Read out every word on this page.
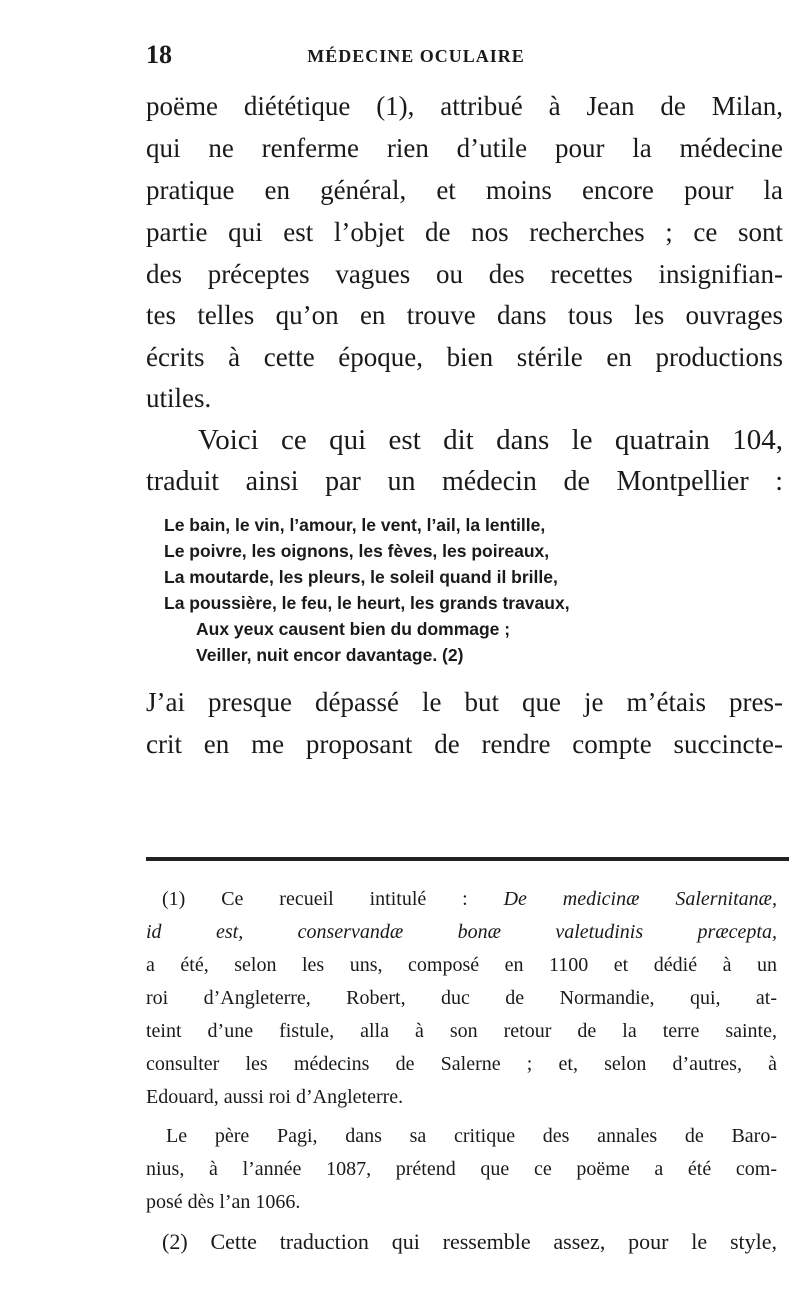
18	MÉDECINE OCULAIRE
poëme diététique (1), attribué à Jean de Milan,
qui ne renferme rien d’utile pour la médecine
pratique en général, et moins encore pour la
partie qui est l’objet de nos recherches ; ce sont
des préceptes vagues ou des recettes insignifian-
tes telles qu’on en trouve dans tous les ouvrages
écrits à cette époque, bien stérile en productions
utiles.
Voici ce qui est dit dans le quatrain 104,
traduit ainsi par un médecin de Montpellier :
Le bain, le vin, l’amour, le vent, l’ail, la lentille,
Le poivre, les oignons, les fèves, les poireaux,
La moutarde, les pleurs, le soleil quand il brille,
La poussière, le feu, le heurt, les grands travaux,
Aux yeux causent bien du dommage ;
Veiller, nuit encor davantage. (2)
J’ai presque dépassé le but que je m’étais pres-
crit en me proposant de rendre compte succincte-
(1) Ce recueil intitulé : De medicinæ Salernitanæ,
id est, conservandæ bonæ valetudinis præcepta,
a été, selon les uns, composé en 1100 et dédié à un
roi d’Angleterre, Robert, duc de Normandie, qui, at-
teint d’une fistule, alla à son retour de la terre sainte,
consulter les médecins de Salerne ; et, selon d’autres, à
Edouard, aussi roi d’Angleterre.
Le père Pagi, dans sa critique des annales de Baro-
nius, à l’année 1087, prétend que ce poëme a été com-
posé dès l’an 1066.
(2) Cette traduction qui ressemble assez, pour le style,
